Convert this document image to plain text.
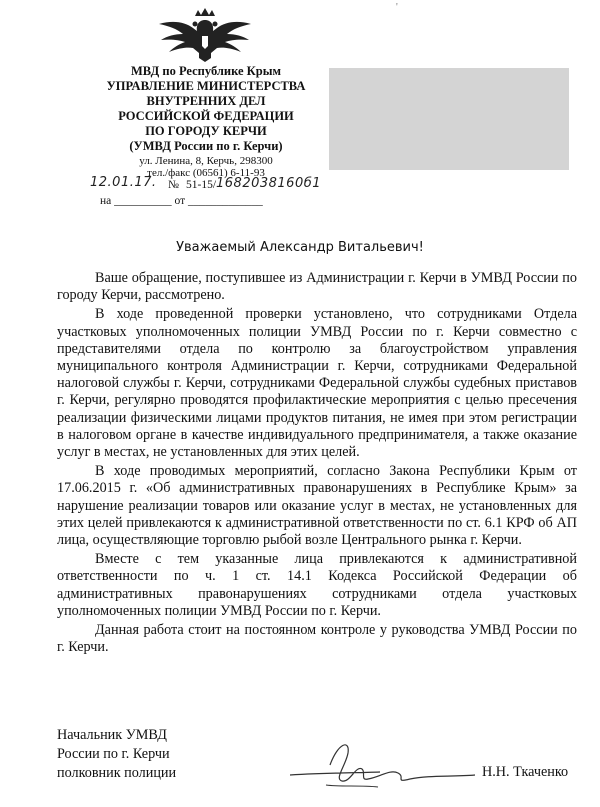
'
МВД по Республике Крым
УПРАВЛЕНИЕ МИНИСТЕРСТВА
ВНУТРЕННИХ ДЕЛ
РОССИЙСКОЙ ФЕДЕРАЦИИ
ПО ГОРОДУ КЕРЧИ
(УМВД России по г. Керчи)
ул. Ленина, 8, Керчь, 298300
тел./факс (06561) 6-11-93
12.01.17. № 51-15/ 1682038160б1
на __________ от _____________
Уважаемый Александр Витальевич!

Ваше обращение, поступившее из Администрации г. Керчи в УМВД России по городу Керчи, рассмотрено.

В ходе проведенной проверки установлено, что сотрудниками Отдела участковых уполномоченных полиции УМВД России по г. Керчи совместно с представителями отдела по контролю за благоустройством управления муниципального контроля Администрации г. Керчи, сотрудниками Федеральной налоговой службы г. Керчи, сотрудниками Федеральной службы судебных приставов г. Керчи, регулярно проводятся профилактические мероприятия с целью пресечения реализации физическими лицами продуктов питания, не имея при этом регистрации в налоговом органе в качестве индивидуального предпринимателя, а также оказание услуг в местах, не установленных для этих целей.

В ходе проводимых мероприятий, согласно Закона Республики Крым от 17.06.2015 г. «Об административных правонарушениях в Республике Крым» за нарушение реализации товаров или оказание услуг в местах, не установленных для этих целей привлекаются к административной ответственности по ст. 6.1 КРФ об АП лица, осуществляющие торговлю рыбой возле Центрального рынка г. Керчи.

Вместе с тем указанные лица привлекаются к административной ответственности по ч. 1 ст. 14.1 Кодекса Российской Федерации об административных правонарушениях сотрудниками отдела участковых уполномоченных полиции УМВД России по г. Керчи.

Данная работа стоит на постоянном контроле у руководства УМВД России по г. Керчи.

Начальник УМВД
России по г. Керчи
полковник полиции	Н.Н. Ткаченко
